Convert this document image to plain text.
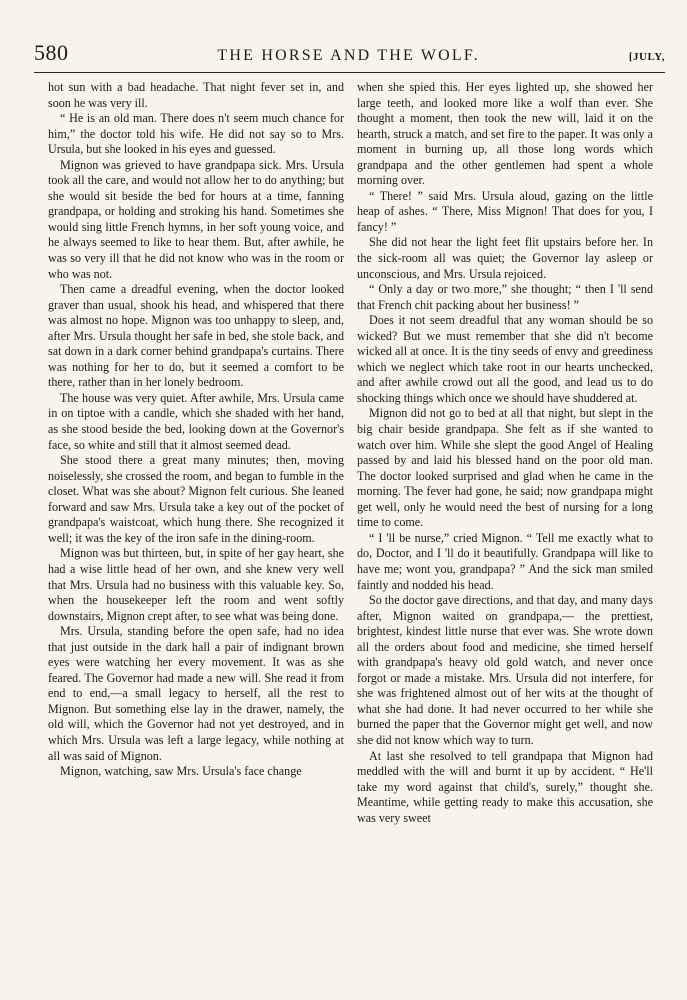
580	THE HORSE AND THE WOLF.	[JULY,

hot sun with a bad headache. That night fever set in, and soon he was very ill.

“ He is an old man. There does n't seem much chance for him,” the doctor told his wife. He did not say so to Mrs. Ursula, but she looked in his eyes and guessed.

Mignon was grieved to have grandpapa sick. Mrs. Ursula took all the care, and would not allow her to do anything; but she would sit beside the bed for hours at a time, fanning grandpapa, or holding and stroking his hand. Sometimes she would sing little French hymns, in her soft young voice, and he always seemed to like to hear them. But, after awhile, he was so very ill that he did not know who was in the room or who was not.

Then came a dreadful evening, when the doctor looked graver than usual, shook his head, and whispered that there was almost no hope. Mignon was too unhappy to sleep, and, after Mrs. Ursula thought her safe in bed, she stole back, and sat down in a dark corner behind grandpapa's curtains. There was nothing for her to do, but it seemed a comfort to be there, rather than in her lonely bedroom.

The house was very quiet. After awhile, Mrs. Ursula came in on tiptoe with a candle, which she shaded with her hand, as she stood beside the bed, looking down at the Governor's face, so white and still that it almost seemed dead.

She stood there a great many minutes; then, moving noiselessly, she crossed the room, and began to fumble in the closet. What was she about? Mignon felt curious. She leaned forward and saw Mrs. Ursula take a key out of the pocket of grandpapa's waistcoat, which hung there. She recognized it well; it was the key of the iron safe in the dining-room.

Mignon was but thirteen, but, in spite of her gay heart, she had a wise little head of her own, and she knew very well that Mrs. Ursula had no business with this valuable key. So, when the housekeeper left the room and went softly downstairs, Mignon crept after, to see what was being done.

Mrs. Ursula, standing before the open safe, had no idea that just outside in the dark hall a pair of indignant brown eyes were watching her every movement. It was as she feared. The Governor had made a new will. She read it from end to end,—a small legacy to herself, all the rest to Mignon. But something else lay in the drawer, namely, the old will, which the Governor had not yet destroyed, and in which Mrs. Ursula was left a large legacy, while nothing at all was said of Mignon.

Mignon, watching, saw Mrs. Ursula's face change

when she spied this. Her eyes lighted up, she showed her large teeth, and looked more like a wolf than ever. She thought a moment, then took the new will, laid it on the hearth, struck a match, and set fire to the paper. It was only a moment in burning up, all those long words which grandpapa and the other gentlemen had spent a whole morning over.

“ There! ” said Mrs. Ursula aloud, gazing on the little heap of ashes. “ There, Miss Mignon! That does for you, I fancy! ”

She did not hear the light feet flit upstairs before her. In the sick-room all was quiet; the Governor lay asleep or unconscious, and Mrs. Ursula rejoiced.

“ Only a day or two more,” she thought; “ then I 'll send that French chit packing about her business! ”

Does it not seem dreadful that any woman should be so wicked? But we must remember that she did n't become wicked all at once. It is the tiny seeds of envy and greediness which we neglect which take root in our hearts unchecked, and after awhile crowd out all the good, and lead us to do shocking things which once we should have shuddered at.

Mignon did not go to bed at all that night, but slept in the big chair beside grandpapa. She felt as if she wanted to watch over him. While she slept the good Angel of Healing passed by and laid his blessed hand on the poor old man. The doctor looked surprised and glad when he came in the morning. The fever had gone, he said; now grandpapa might get well, only he would need the best of nursing for a long time to come.

“ I 'll be nurse,” cried Mignon. “ Tell me exactly what to do, Doctor, and I 'll do it beautifully. Grandpapa will like to have me; wont you, grandpapa? ” And the sick man smiled faintly and nodded his head.

So the doctor gave directions, and that day, and many days after, Mignon waited on grandpapa,— the prettiest, brightest, kindest little nurse that ever was. She wrote down all the orders about food and medicine, she timed herself with grandpapa's heavy old gold watch, and never once forgot or made a mistake. Mrs. Ursula did not interfere, for she was frightened almost out of her wits at the thought of what she had done. It had never occurred to her while she burned the paper that the Governor might get well, and now she did not know which way to turn.

At last she resolved to tell grandpapa that Mignon had meddled with the will and burnt it up by accident. “ He'll take my word against that child's, surely,” thought she. Meantime, while getting ready to make this accusation, she was very sweet
